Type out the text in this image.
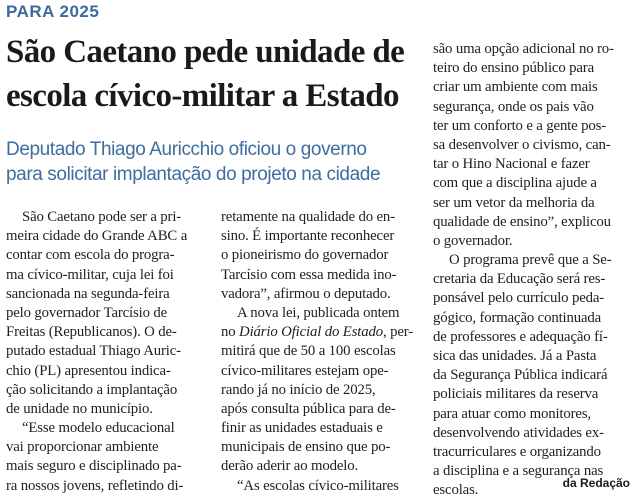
PARA 2025
São Caetano pede unidade de
escola cívico-militar a Estado
Deputado Thiago Auricchio oficiou o governo
para solicitar implantação do projeto na cidade
São Caetano pode ser a pri-
meira cidade do Grande ABC a
contar com escola do progra-
ma cívico-militar, cuja lei foi
sancionada na segunda-feira
pelo governador Tarcísio de
Freitas (Republicanos). O de-
putado estadual Thiago Auric-
chio (PL) apresentou indica-
ção solicitando a implantação
de unidade no município.
“Esse modelo educacional
vai proporcionar ambiente
mais seguro e disciplinado pa-
ra nossos jovens, refletindo di-
retamente na qualidade do en-
sino. É importante reconhecer
o pioneirismo do governador
Tarcísio com essa medida ino-
vadora”, afirmou o deputado.
A nova lei, publicada ontem
no Diário Oficial do Estado, per-
mitirá que de 50 a 100 escolas
cívico-militares estejam ope-
rando já no início de 2025,
após consulta pública para de-
finir as unidades estaduais e
municipais de ensino que po-
derão aderir ao modelo.
“As escolas cívico-militares
são uma opção adicional no ro-
teiro do ensino público para
criar um ambiente com mais
segurança, onde os pais vão
ter um conforto e a gente pos-
sa desenvolver o civismo, can-
tar o Hino Nacional e fazer
com que a disciplina ajude a
ser um vetor da melhoria da
qualidade de ensino”, explicou
o governador.
O programa prevê que a Se-
cretaria da Educação será res-
ponsável pelo currículo peda-
gógico, formação continuada
de professores e adequação fí-
sica das unidades. Já a Pasta
da Segurança Pública indicará
policiais militares da reserva
para atuar como monitores,
desenvolvendo atividades ex-
tracurriculares e organizando
a disciplina e a segurança nas
escolas.	da Redação
